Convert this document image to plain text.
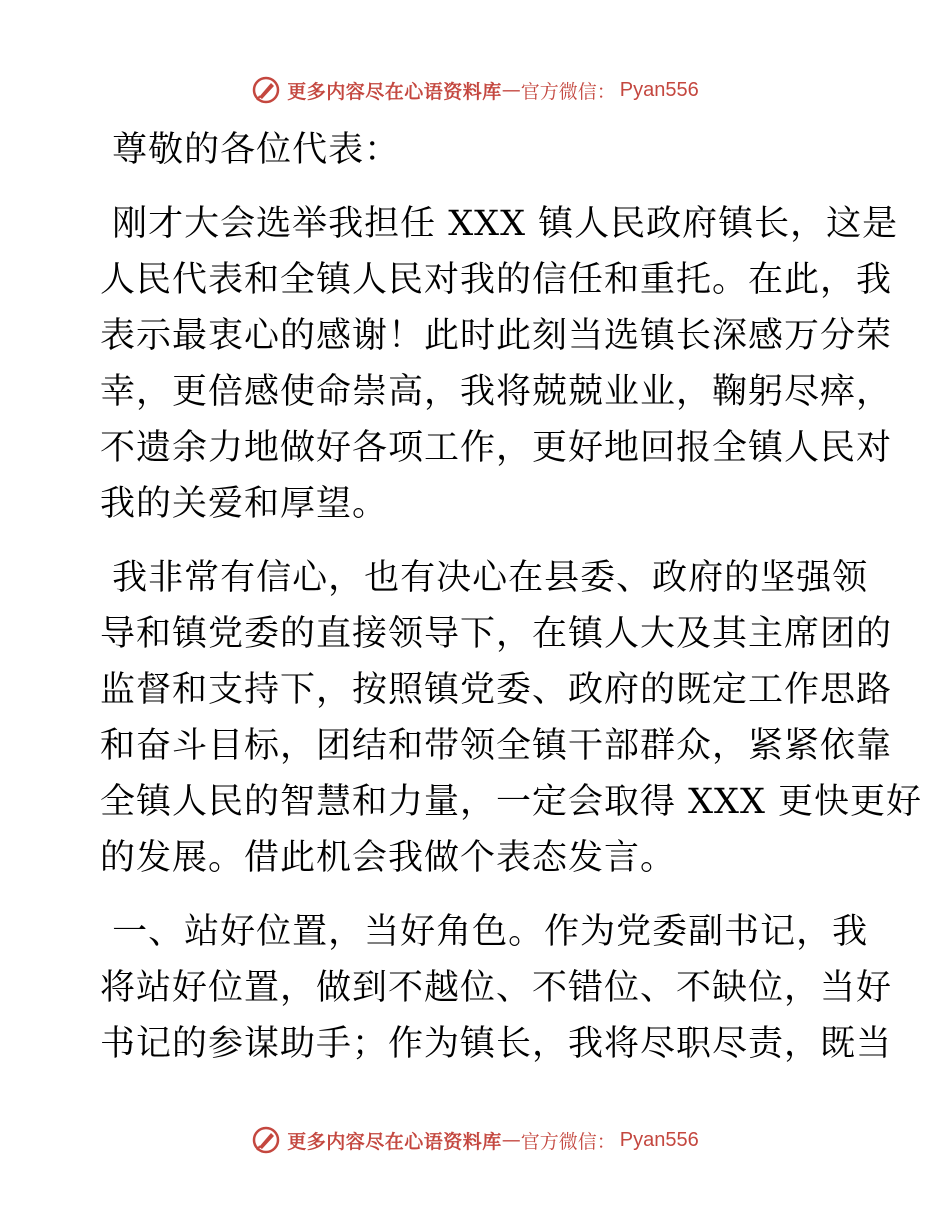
更多内容尽在心语资料库 — 官方微信： Pyan556
尊敬的各位代表：
刚才大会选举我担任 XXX 镇人民政府镇长，这是
人民代表和全镇人民对我的信任和重托。在此，我
表示最衷心的感谢！此时此刻当选镇长深感万分荣
幸，更倍感使命崇高，我将兢兢业业，鞠躬尽瘁，
不遗余力地做好各项工作，更好地回报全镇人民对
我的关爱和厚望。
我非常有信心，也有决心在县委、政府的坚强领
导和镇党委的直接领导下，在镇人大及其主席团的
监督和支持下，按照镇党委、政府的既定工作思路
和奋斗目标，团结和带领全镇干部群众，紧紧依靠
全镇人民的智慧和力量，一定会取得 XXX 更快更好
的发展。借此机会我做个表态发言。
一、站好位置，当好角色。作为党委副书记，我
将站好位置，做到不越位、不错位、不缺位，当好
书记的参谋助手；作为镇长，我将尽职尽责，既当
更多内容尽在心语资料库 — 官方微信： Pyan556
